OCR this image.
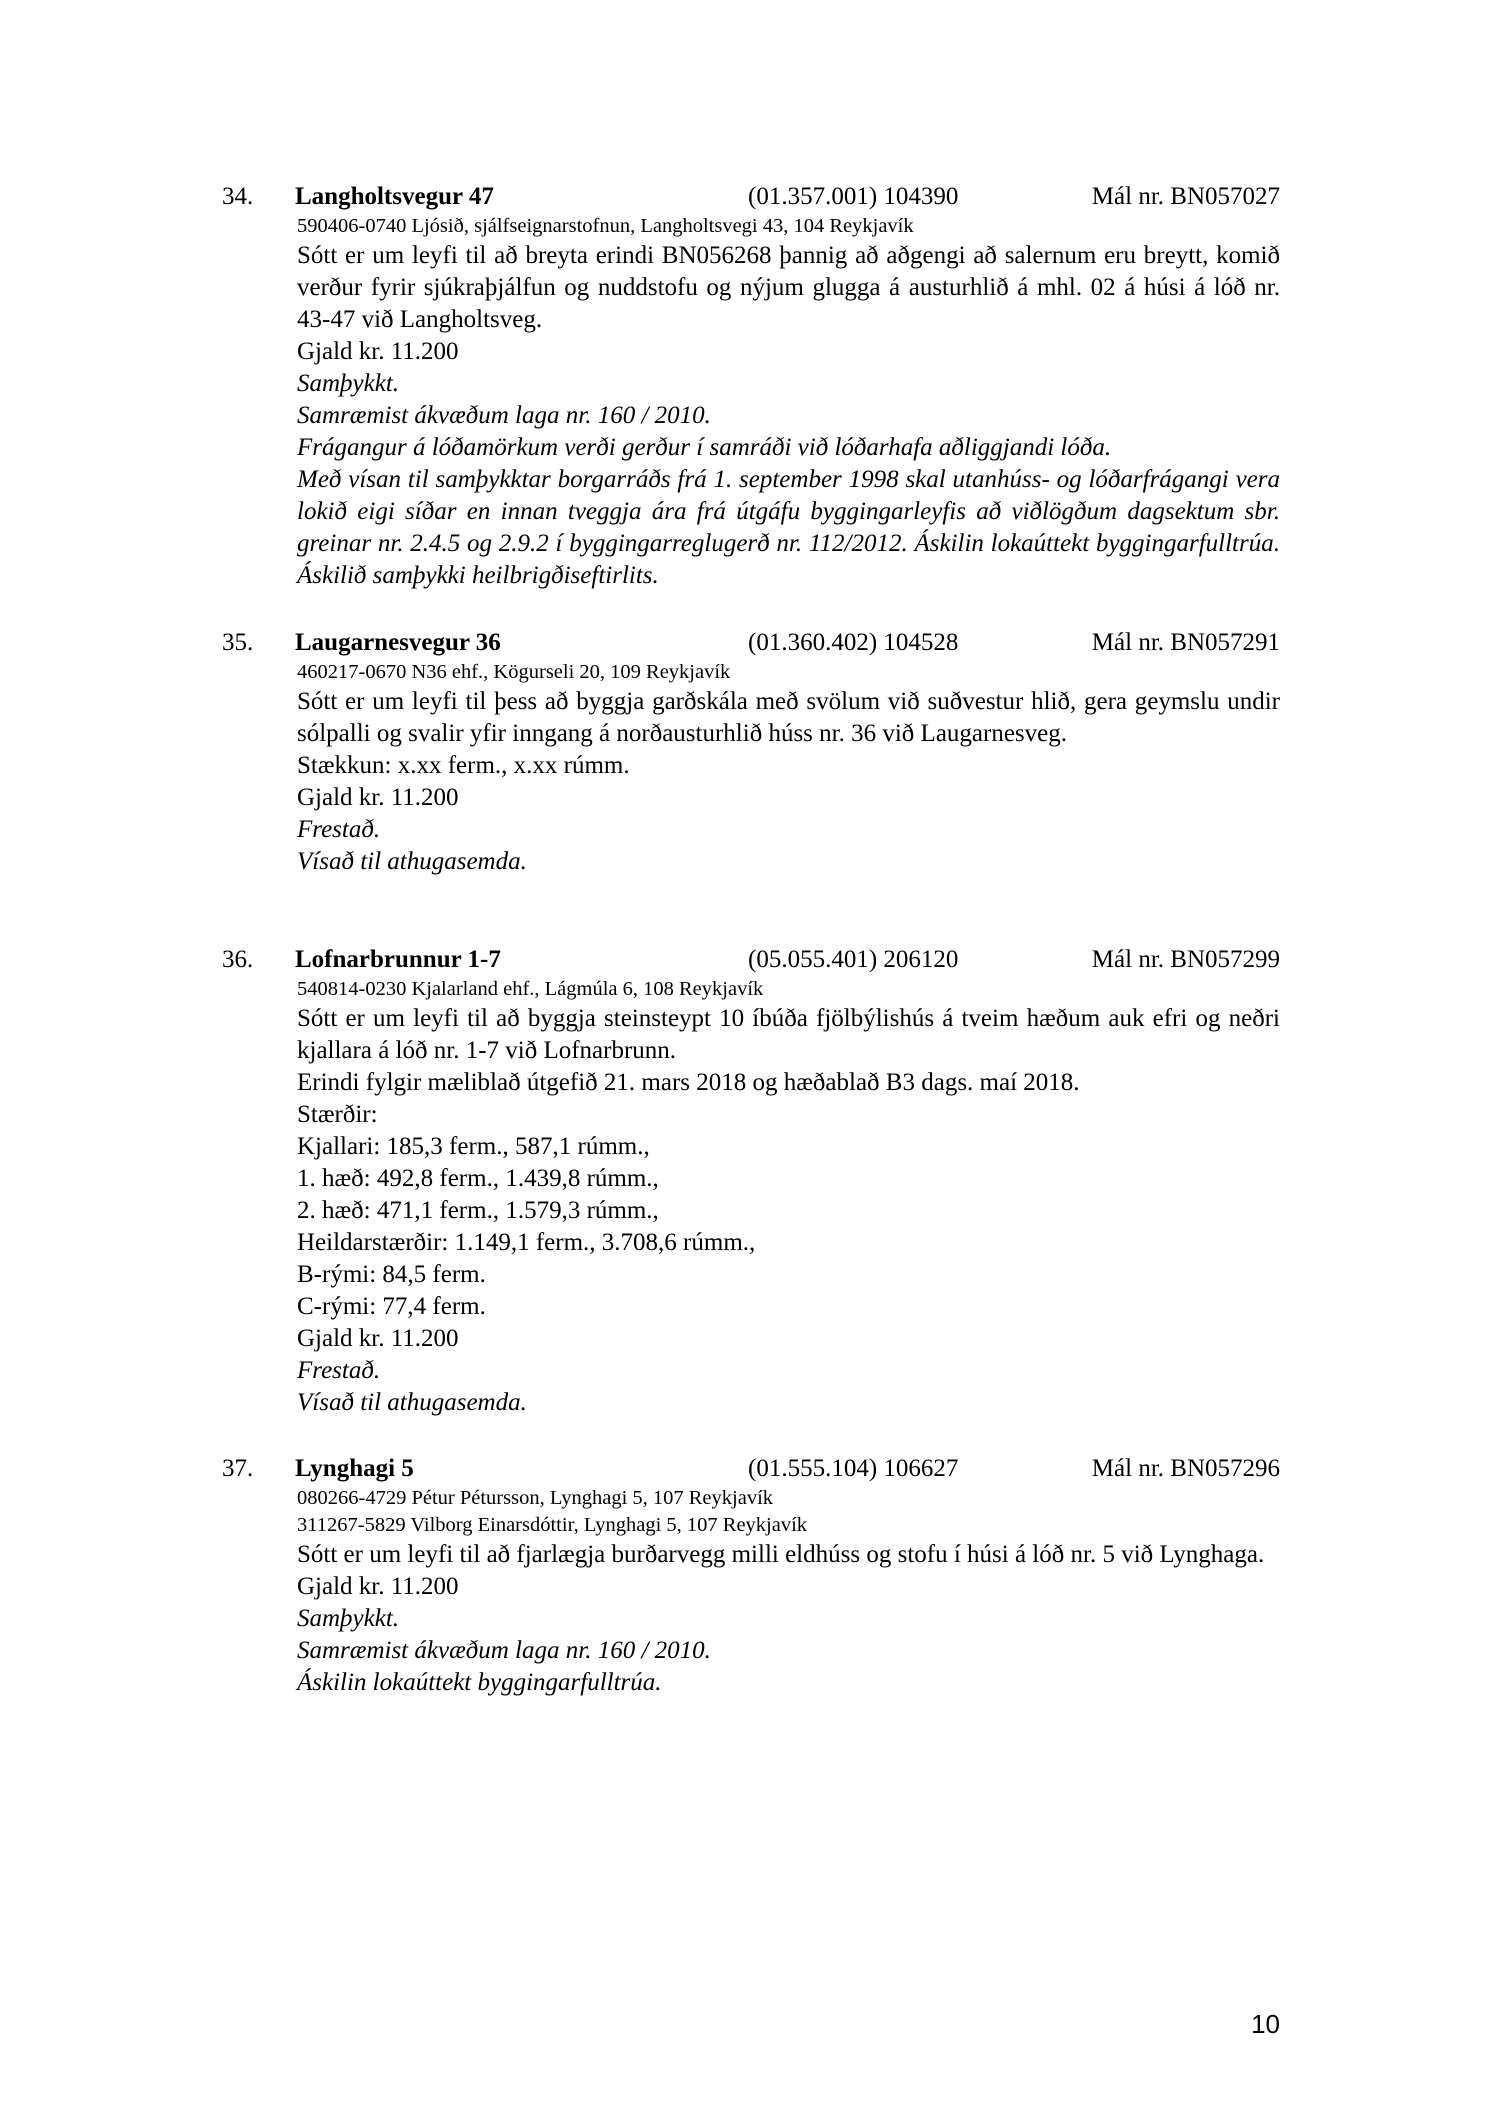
34. Langholtsvegur 47	(01.357.001) 104390	Mál nr. BN057027
590406-0740 Ljósið, sjálfseignarstofnun, Langholtsvegi 43, 104 Reykjavík
Sótt er um leyfi til að breyta erindi BN056268 þannig að aðgengi að salernum eru breytt, komið verður fyrir sjúkraþjálfun og nuddstofu og nýjum glugga á austurhlið á mhl. 02 á húsi á lóð nr. 43-47 við Langholtsveg.
Gjald kr. 11.200
Samþykkt.
Samræmist ákvæðum laga nr. 160 / 2010.
Frágangur á lóðamörkum verði gerður í samráði við lóðarhafa aðliggjandi lóða.
Með vísan til samþykktar borgarráðs frá 1. september 1998 skal utanhúss- og lóðarfrágangi vera lokið eigi síðar en innan tveggja ára frá útgáfu byggingarleyfis að viðlögðum dagsektum sbr. greinar nr. 2.4.5 og 2.9.2 í byggingarreglugerð nr. 112/2012. Áskilin lokaúttekt byggingarfulltrúa. Áskilið samþykki heilbrigðiseftirlits.
35. Laugarnesvegur 36	(01.360.402) 104528	Mál nr. BN057291
460217-0670 N36 ehf., Kögurseli 20, 109 Reykjavík
Sótt er um leyfi til þess að byggja garðskála með svölum við suðvestur hlið, gera geymslu undir sólpalli og svalir yfir inngang á norðausturhlið húss nr. 36 við Laugarnesveg.
Stækkun: x.xx ferm., x.xx rúmm.
Gjald kr. 11.200
Frestað.
Vísað til athugasemda.
36. Lofnarbrunnur 1-7	(05.055.401) 206120	Mál nr. BN057299
540814-0230 Kjalarland ehf., Lágmúla 6, 108 Reykjavík
Sótt er um leyfi til að byggja steinsteypt 10 íbúða fjölbýlishús á tveim hæðum auk efri og neðri kjallara á lóð nr. 1-7 við Lofnarbrunn.
Erindi fylgir mæliblað útgefið 21. mars 2018 og hæðablað B3 dags. maí 2018.
Stærðir:
Kjallari: 185,3 ferm., 587,1 rúmm.,
1. hæð: 492,8 ferm., 1.439,8 rúmm.,
2. hæð: 471,1 ferm., 1.579,3 rúmm.,
Heildarstærðir: 1.149,1 ferm., 3.708,6 rúmm.,
B-rými: 84,5 ferm.
C-rými: 77,4 ferm.
Gjald kr. 11.200
Frestað.
Vísað til athugasemda.
37. Lynghagi 5	(01.555.104) 106627	Mál nr. BN057296
080266-4729 Pétur Pétursson, Lynghagi 5, 107 Reykjavík
311267-5829 Vilborg Einarsdóttir, Lynghagi 5, 107 Reykjavík
Sótt er um leyfi til að fjarlægja burðarvegg milli eldhúss og stofu í húsi á lóð nr. 5 við Lynghaga.
Gjald kr. 11.200
Samþykkt.
Samræmist ákvæðum laga nr. 160 / 2010.
Áskilin lokaúttekt byggingarfulltrúa.
10
